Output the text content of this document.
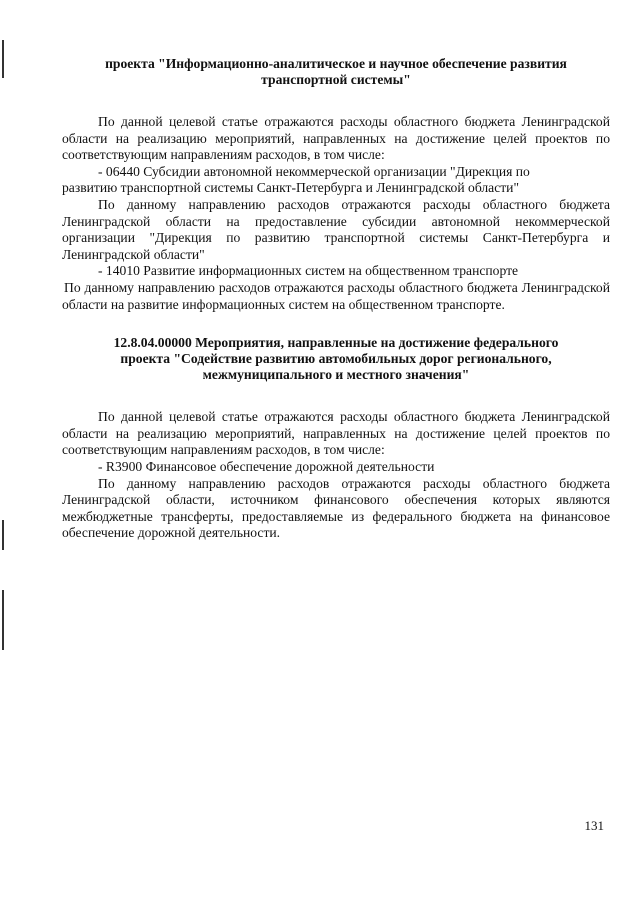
проекта "Информационно-аналитическое и научное обеспечение развития

транспортной системы"

По данной целевой статье отражаются расходы областного бюджета Ленинградской области на реализацию мероприятий, направленных на достижение целей проектов по соответствующим направлениям расходов, в том числе:

- 06440 Субсидии автономной некоммерческой организации "Дирекция по

развитию транспортной системы Санкт-Петербурга и Ленинградской области"

По данному направлению расходов отражаются расходы областного бюджета Ленинградской области на предоставление субсидии автономной некоммерческой организации "Дирекция по развитию транспортной системы Санкт-Петербурга и Ленинградской области"

- 14010 Развитие информационных систем на общественном транспорте

По данному направлению расходов отражаются расходы областного бюджета Ленинградской области на развитие информационных систем на общественном транспорте.

12.8.04.00000 Мероприятия, направленные на достижение федерального

проекта "Содействие развитию автомобильных дорог регионального,

межмуниципального и местного значения"

По данной целевой статье отражаются расходы областного бюджета Ленинградской области на реализацию мероприятий, направленных на достижение целей проектов по соответствующим направлениям расходов, в том числе:

- R3900 Финансовое обеспечение дорожной деятельности

По данному направлению расходов отражаются расходы областного бюджета Ленинградской области, источником финансового обеспечения которых являются межбюджетные трансферты, предоставляемые из федерального бюджета на финансовое обеспечение дорожной деятельности.

131
